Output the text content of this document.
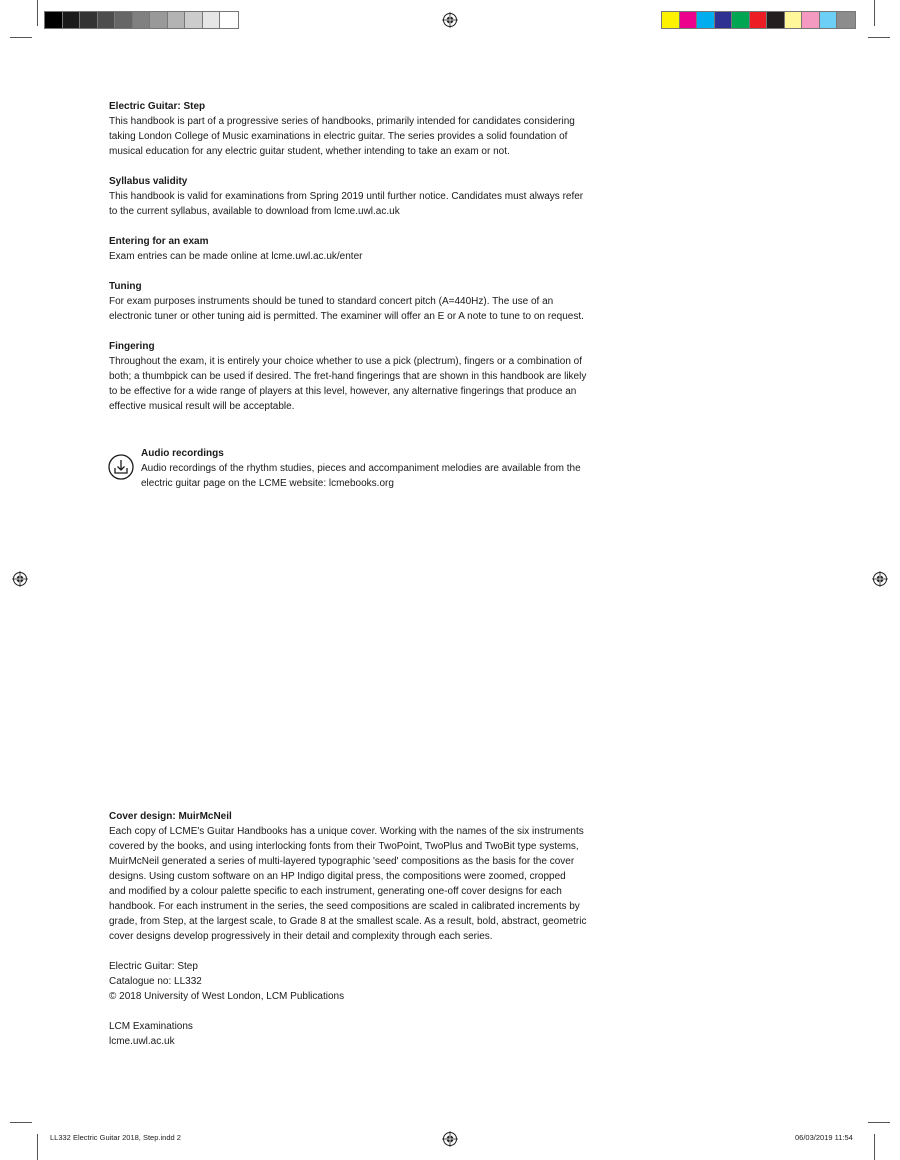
Electric Guitar: Step

This handbook is part of a progressive series of handbooks, primarily intended for candidates considering

taking London College of Music examinations in electric guitar. The series provides a solid foundation of

musical education for any electric guitar student, whether intending to take an exam or not.

Syllabus validity

This handbook is valid for examinations from Spring 2019 until further notice. Candidates must always refer

to the current syllabus, available to download from lcme.uwl.ac.uk

Entering for an exam

Exam entries can be made online at lcme.uwl.ac.uk/enter

Tuning

For exam purposes instruments should be tuned to standard concert pitch (A=440Hz). The use of an

electronic tuner or other tuning aid is permitted. The examiner will offer an E or A note to tune to on request.

Fingering

Throughout the exam, it is entirely your choice whether to use a pick (plectrum), fingers or a combination of

both; a thumbpick can be used if desired. The fret-hand fingerings that are shown in this handbook are likely

to be effective for a wide range of players at this level, however, any alternative fingerings that produce an

effective musical result will be acceptable.

Audio recordings

Audio recordings of the rhythm studies, pieces and accompaniment melodies are available from the

electric guitar page on the LCME website: lcmebooks.org

Cover design: MuirMcNeil

Each copy of LCME's Guitar Handbooks has a unique cover. Working with the names of the six instruments

covered by the books, and using interlocking fonts from their TwoPoint, TwoPlus and TwoBit type systems,

MuirMcNeil generated a series of multi-layered typographic 'seed' compositions as the basis for the cover

designs. Using custom software on an HP Indigo digital press, the compositions were zoomed, cropped

and modified by a colour palette specific to each instrument, generating one-off cover designs for each

handbook. For each instrument in the series, the seed compositions are scaled in calibrated increments by

grade, from Step, at the largest scale, to Grade 8 at the smallest scale. As a result, bold, abstract, geometric

cover designs develop progressively in their detail and complexity through each series.

Electric Guitar: Step
Catalogue no: LL332
© 2018 University of West London, LCM Publications
LCM Examinations
lcme.uwl.ac.uk
LL332 Electric Guitar 2018, Step.indd 2	06/03/2019 11:54
